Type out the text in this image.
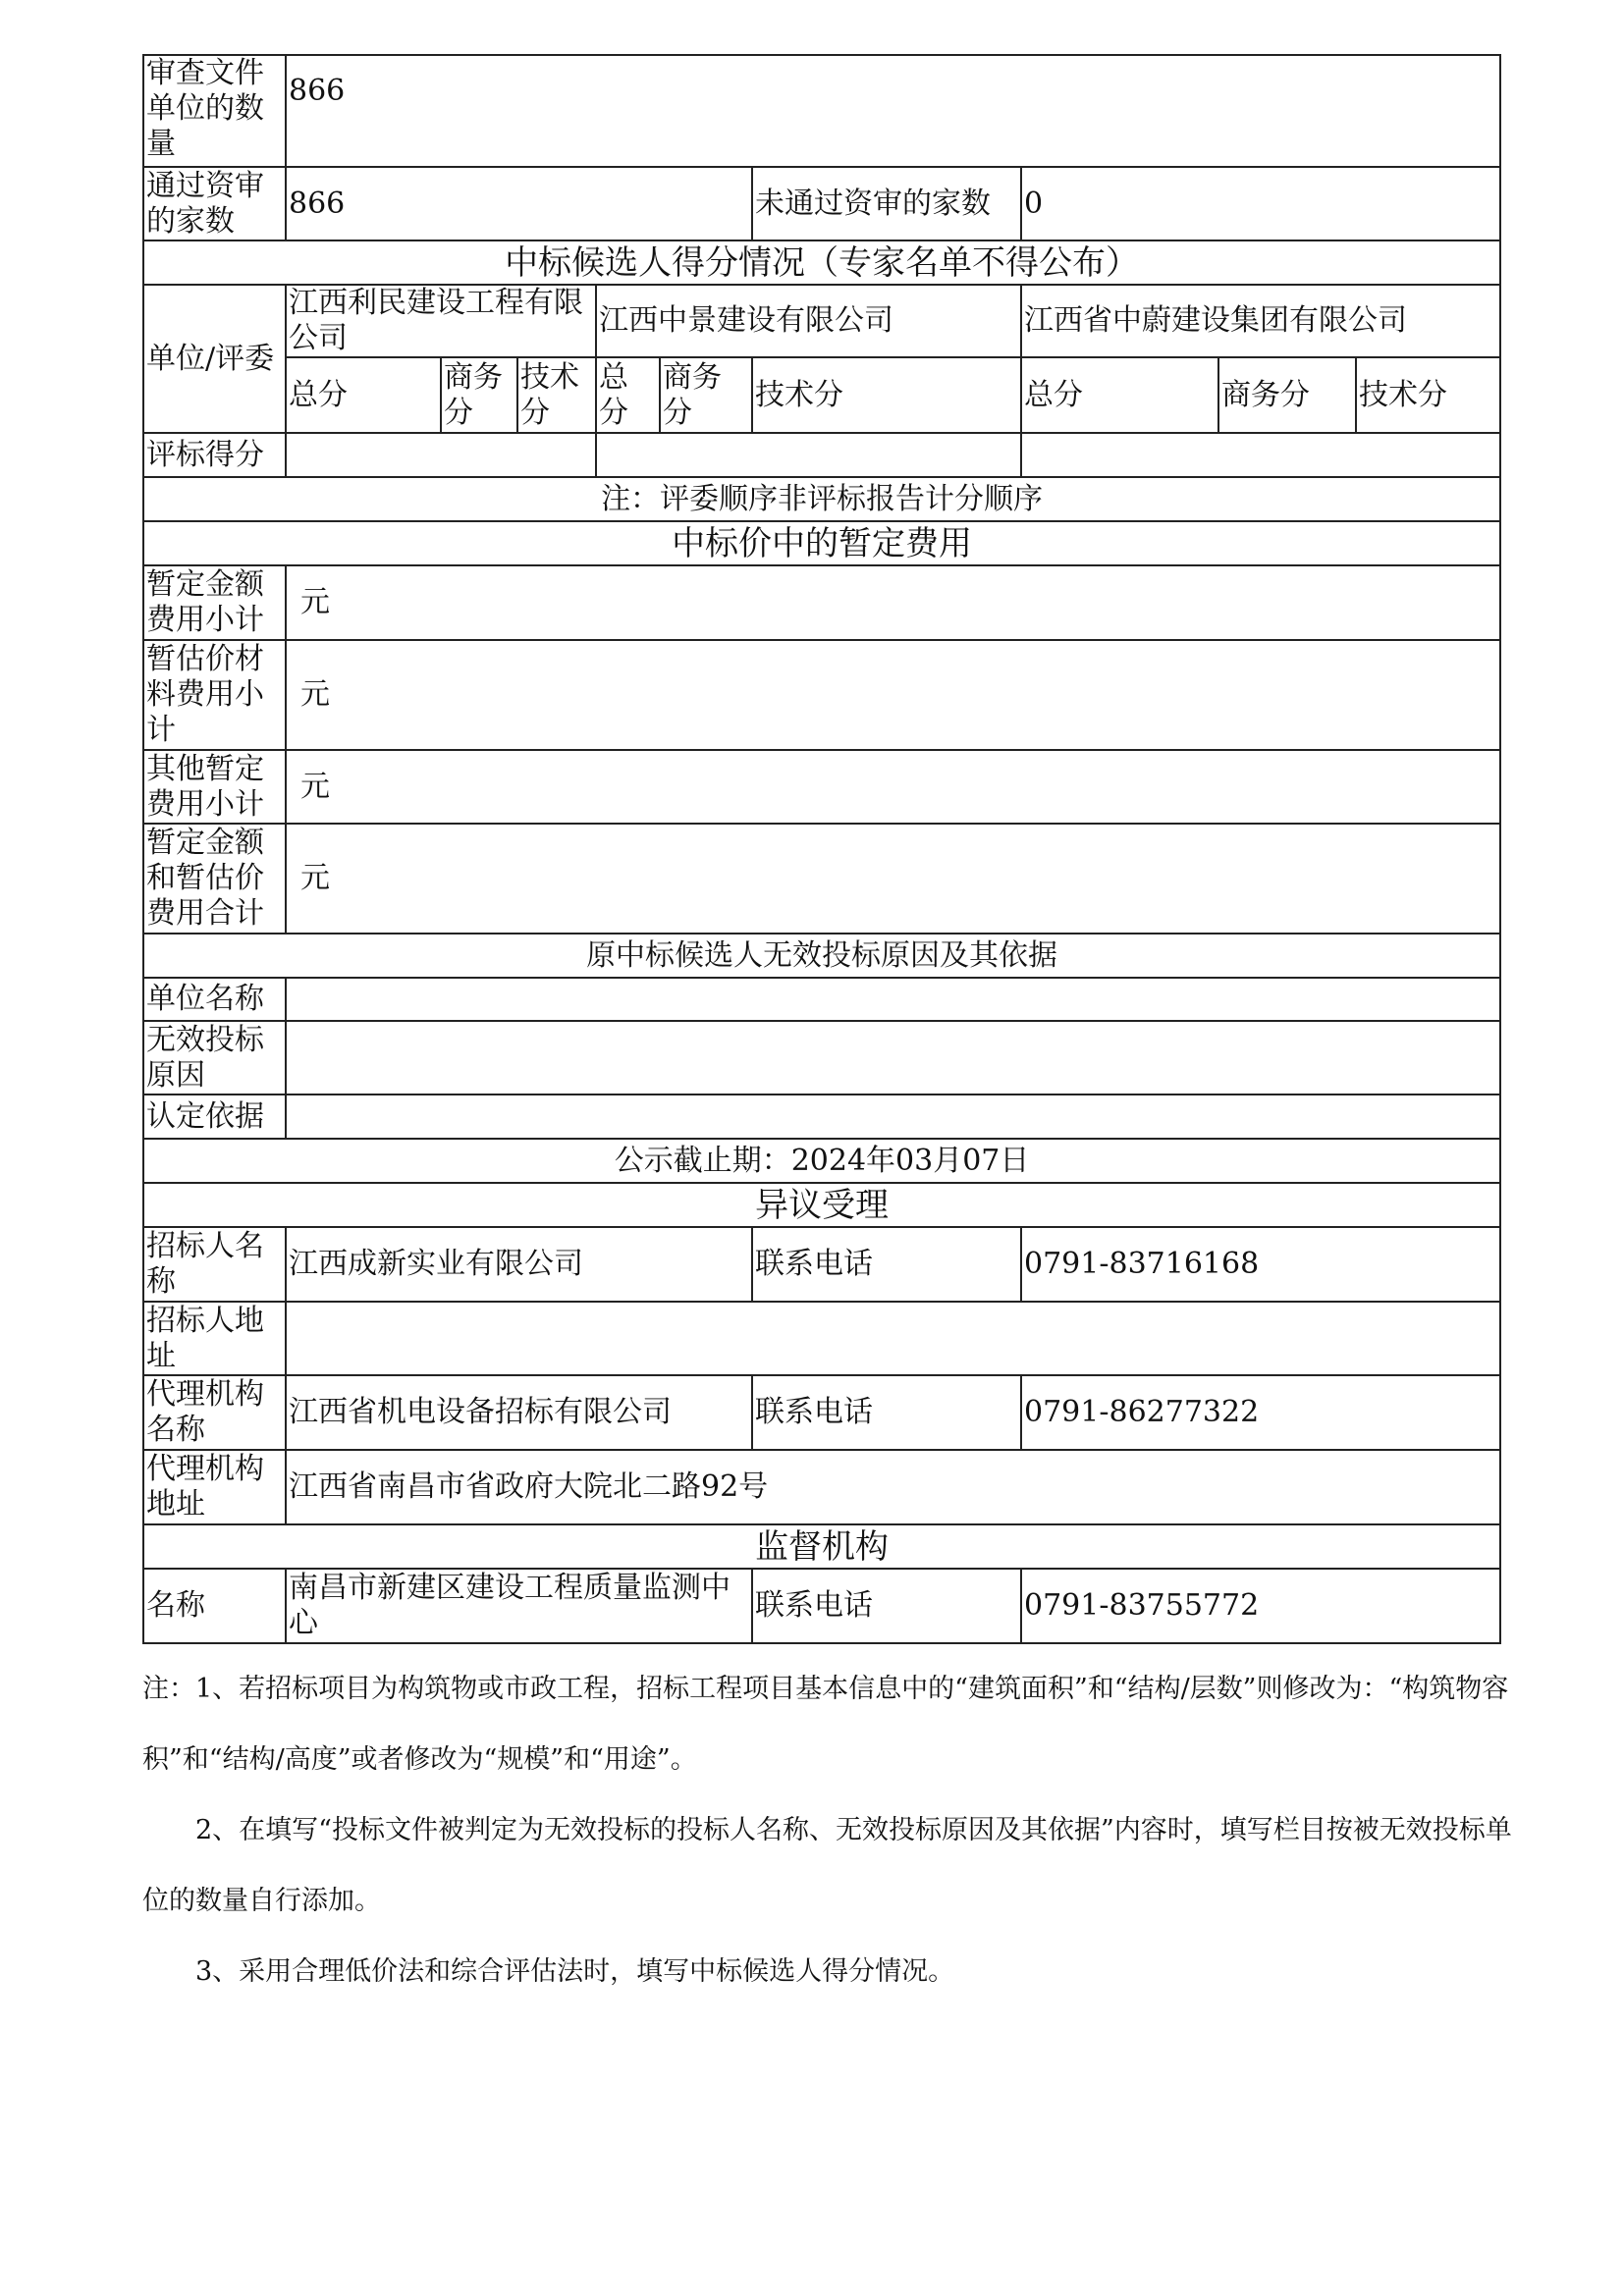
审查文件单位的数量	866								
通过资审的家数	866					未通过资审的家数	0		
中标候选人得分情况（专家名单不得公布）									
单位/评委	江西利民建设工程有限公司			江西中景建设有限公司			江西省中蔚建设集团有限公司		
	总分	商务分	技术分	总分	商务分	技术分	总分	商务分	技术分
评标得分									
注：评委顺序非评标报告计分顺序									
中标价中的暂定费用									
暂定金额费用小计	元								
暂估价材料费用小计	元								
其他暂定费用小计	元								
暂定金额和暂估价费用合计	元								
原中标候选人无效投标原因及其依据									
单位名称									
无效投标原因									
认定依据									
公示截止期：2024年03月07日									
异议受理									
招标人名称	江西成新实业有限公司					联系电话	0791-83716168		
招标人地址									
代理机构名称	江西省机电设备招标有限公司					联系电话	0791-86277322		
代理机构地址	江西省南昌市省政府大院北二路92号								
监督机构									
名称	南昌市新建区建设工程质量监测中心					联系电话	0791-83755772		

注：1、若招标项目为构筑物或市政工程，招标工程项目基本信息中的“建筑面积”和“结构/层数”则修改为：“构筑物容积”和“结构/高度”或者修改为“规模”和“用途”。

2、在填写“投标文件被判定为无效投标的投标人名称、无效投标原因及其依据”内容时，填写栏目按被无效投标单位的数量自行添加。

3、采用合理低价法和综合评估法时，填写中标候选人得分情况。
